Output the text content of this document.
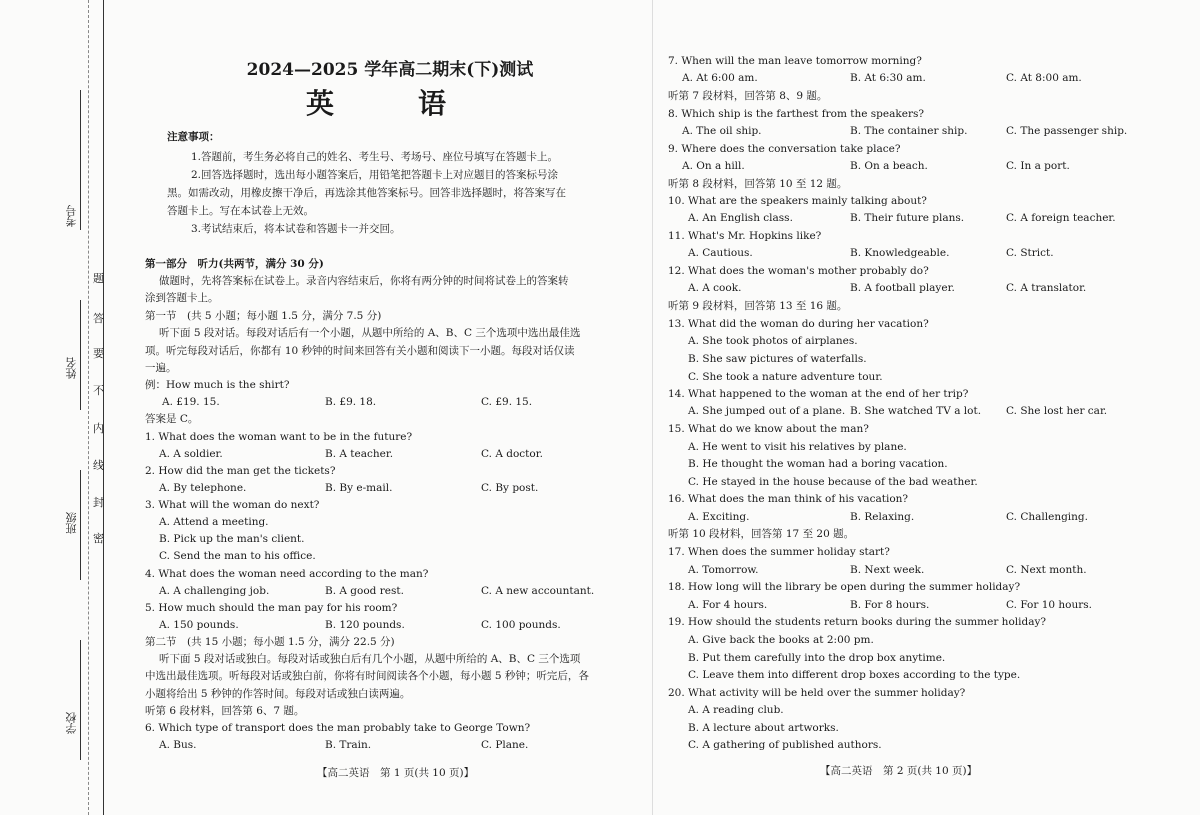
考号
姓名
班级
学校
题
答
要
不
内
线
封
密
2024—2025 学年高二期末(下)测试
英　语
注意事项：
1.答题前，考生务必将自己的姓名、考生号、考场号、座位号填写在答题卡上。
2.回答选择题时，选出每小题答案后，用铅笔把答题卡上对应题目的答案标号涂
黑。如需改动，用橡皮擦干净后，再选涂其他答案标号。回答非选择题时，将答案写在
答题卡上。写在本试卷上无效。
3.考试结束后，将本试卷和答题卡一并交回。
第一部分　听力(共两节，满分 30 分)
做题时，先将答案标在试卷上。录音内容结束后，你将有两分钟的时间将试卷上的答案转
涂到答题卡上。
第一节　(共 5 小题；每小题 1.5 分，满分 7.5 分)
听下面 5 段对话。每段对话后有一个小题，从题中所给的 A、B、C 三个选项中选出最佳选
项。听完每段对话后，你都有 10 秒钟的时间来回答有关小题和阅读下一小题。每段对话仅读
一遍。
例：How much is the shirt?
A. £19. 15.	B. £9. 18.	C. £9. 15.
答案是 C。
1. What does the woman want to be in the future?
A. A soldier.	B. A teacher.	C. A doctor.
2. How did the man get the tickets?
A. By telephone.	B. By e-mail.	C. By post.
3. What will the woman do next?
A. Attend a meeting.
B. Pick up the man's client.
C. Send the man to his office.
4. What does the woman need according to the man?
A. A challenging job.	B. A good rest.	C. A new accountant.
5. How much should the man pay for his room?
A. 150 pounds.	B. 120 pounds.	C. 100 pounds.
第二节　(共 15 小题；每小题 1.5 分，满分 22.5 分)
听下面 5 段对话或独白。每段对话或独白后有几个小题，从题中所给的 A、B、C 三个选项
中选出最佳选项。听每段对话或独白前，你将有时间阅读各个小题，每小题 5 秒钟；听完后，各
小题将给出 5 秒钟的作答时间。每段对话或独白读两遍。
听第 6 段材料，回答第 6、7 题。
6. Which type of transport does the man probably take to George Town?
A. Bus.	B. Train.	C. Plane.
【高二英语　第 1 页(共 10 页)】
7. When will the man leave tomorrow morning?
A. At 6:00 am.	B. At 6:30 am.	C. At 8:00 am.
听第 7 段材料，回答第 8、9 题。
8. Which ship is the farthest from the speakers?
A. The oil ship.	B. The container ship.	C. The passenger ship.
9. Where does the conversation take place?
A. On a hill.	B. On a beach.	C. In a port.
听第 8 段材料，回答第 10 至 12 题。
10. What are the speakers mainly talking about?
A. An English class.	B. Their future plans.	C. A foreign teacher.
11. What's Mr. Hopkins like?
A. Cautious.	B. Knowledgeable.	C. Strict.
12. What does the woman's mother probably do?
A. A cook.	B. A football player.	C. A translator.
听第 9 段材料，回答第 13 至 16 题。
13. What did the woman do during her vacation?
A. She took photos of airplanes.
B. She saw pictures of waterfalls.
C. She took a nature adventure tour.
14. What happened to the woman at the end of her trip?
A. She jumped out of a plane. B. She watched TV a lot. C. She lost her car.
15. What do we know about the man?
A. He went to visit his relatives by plane.
B. He thought the woman had a boring vacation.
C. He stayed in the house because of the bad weather.
16. What does the man think of his vacation?
A. Exciting.	B. Relaxing.	C. Challenging.
听第 10 段材料，回答第 17 至 20 题。
17. When does the summer holiday start?
A. Tomorrow.	B. Next week.	C. Next month.
18. How long will the library be open during the summer holiday?
A. For 4 hours.	B. For 8 hours.	C. For 10 hours.
19. How should the students return books during the summer holiday?
A. Give back the books at 2:00 pm.
B. Put them carefully into the drop box anytime.
C. Leave them into different drop boxes according to the type.
20. What activity will be held over the summer holiday?
A. A reading club.
B. A lecture about artworks.
C. A gathering of published authors.
【高二英语　第 2 页(共 10 页)】
